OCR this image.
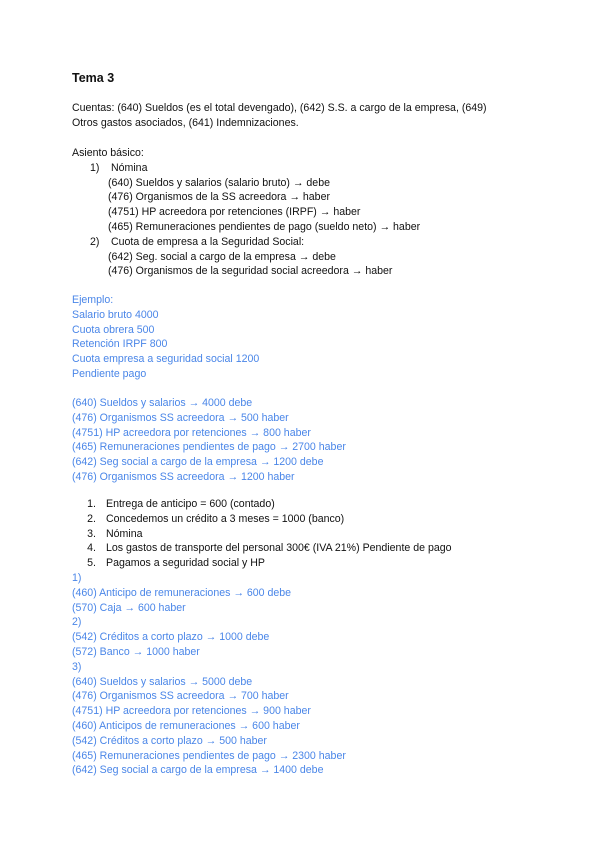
Tema 3
Cuentas: (640) Sueldos (es el total devengado), (642) S.S. a cargo de la empresa, (649)
Otros gastos asociados, (641) Indemnizaciones.
Asiento básico:
1) Nómina
(640) Sueldos y salarios (salario bruto) → debe
(476) Organismos de la SS acreedora → haber
(4751) HP acreedora por retenciones (IRPF) → haber
(465) Remuneraciones pendientes de pago (sueldo neto) → haber
2) Cuota de empresa a la Seguridad Social:
(642) Seg. social a cargo de la empresa → debe
(476) Organismos de la seguridad social acreedora → haber
Ejemplo:
Salario bruto 4000
Cuota obrera 500
Retención IRPF 800
Cuota empresa a seguridad social 1200
Pendiente pago
(640) Sueldos y salarios → 4000 debe
(476) Organismos SS acreedora → 500 haber
(4751) HP acreedora por retenciones → 800 haber
(465) Remuneraciones pendientes de pago → 2700 haber
(642) Seg social a cargo de la empresa → 1200 debe
(476) Organismos SS acreedora → 1200 haber
1. Entrega de anticipo = 600 (contado)
2. Concedemos un crédito a 3 meses = 1000 (banco)
3. Nómina
4. Los gastos de transporte del personal 300€ (IVA 21%) Pendiente de pago
5. Pagamos a seguridad social y HP
1)
(460) Anticipo de remuneraciones → 600 debe
(570) Caja → 600 haber
2)
(542) Créditos a corto plazo → 1000 debe
(572) Banco → 1000 haber
3)
(640) Sueldos y salarios → 5000 debe
(476) Organismos SS acreedora → 700 haber
(4751) HP acreedora por retenciones → 900 haber
(460) Anticipos de remuneraciones → 600 haber
(542) Créditos a corto plazo → 500 haber
(465) Remuneraciones pendientes de pago → 2300 haber
(642) Seg social a cargo de la empresa → 1400 debe
